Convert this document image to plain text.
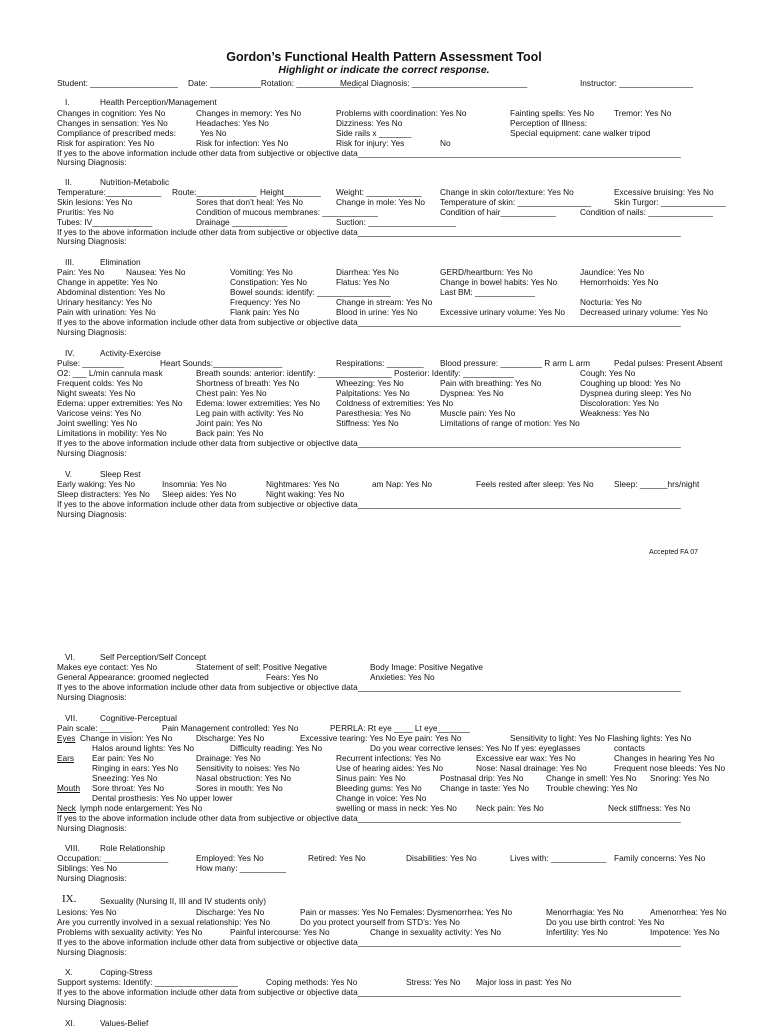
Gordon’s Functional Health Pattern Assessment Tool
Highlight or indicate the correct response.
Accepted FA 07
Student: ___________________ Date: ___________Rotation: ______________
Medical Diagnosis: _________________________	Instructor: ________________
I.	Health Perception/Management
Changes in cognition: Yes No	Changes in memory: Yes No	Problems with coordination: Yes No	Fainting spells: Yes No Tremor: Yes No
Changes in sensation: Yes No	Headaches: Yes No	Dizziness: Yes No	Perception of Illness:
Compliance of prescribed meds:	Yes No	Side rails x _______	Special equipment: cane walker tripod
Risk for aspiration: Yes No	Risk for infection: Yes No	Risk for injury: Yes	No
If yes to the above information include other data from subjective or objective data______________________________________________________________________
Nursing Diagnosis:
II.	Nutrition-Metabolic
Temperature:____________ Route:_____________ Height________ Weight: ____________ Change in skin color/texture: Yes No	Excessive bruising: Yes No
Skin lesions: Yes No	Sores that don’t heal: Yes No	Change in mole: Yes No Temperature of skin: ________________	Skin Turgor: ______________
Pruritis: Yes No	Condition of mucous membranes: ____________	Condition of hair____________	Condition of nails: ______________
Tubes: IV_____________	Drainage ____________	Suction: ___________________
If yes to the above information include other data from subjective or objective data______________________________________________________________________
Nursing Diagnosis:
III.	Elimination
Pain: Yes No	Nausea: Yes No	Vomiting: Yes No	Diarrhea: Yes No	GERD/heartburn: Yes No	Jaundice: Yes No
Change in appetite: Yes No	Constipation: Yes No	Flatus: Yes No	Change in bowel habits: Yes No	Hemorrhoids: Yes No
Abdominal distention: Yes No	Bowel sounds: identify: ________________	Last BM: _____________
Urinary hesitancy: Yes No	Frequency: Yes No	Change in stream: Yes No	Nocturia: Yes No
Pain with urination: Yes No	Flank pain: Yes No	Blood in urine: Yes No	Excessive urinary volume: Yes No Decreased urinary volume: Yes No
If yes to the above information include other data from subjective or objective data______________________________________________________________________
Nursing Diagnosis:
IV.	Activity-Exercise
Pulse: _________	Heart Sounds:_______________	Respirations: ________ Blood pressure: _________ R arm L arm	Pedal pulses: Present Absent
O2: ___ L/min cannula mask	Breath sounds: anterior: identify: ________________ Posterior: Identify: ___________	Cough: Yes No
Frequent colds: Yes No	Shortness of breath: Yes No	Wheezing: Yes No	Pain with breathing: Yes No	Coughing up blood: Yes No
Night sweats: Yes No	Chest pain: Yes No	Palpitations: Yes No	Dyspnea: Yes No	Dyspnea during sleep: Yes No
Edema: upper extremities: Yes No Edema: lower extremities: Yes No Coldness of extremities: Yes No	Discoloration: Yes No
Varicose veins: Yes No	Leg pain with activity: Yes No	Paresthesia: Yes No	Muscle pain: Yes No	Weakness: Yes No
Joint swelling: Yes No	Joint pain: Yes No	Stiffness: Yes No	Limitations of range of motion: Yes No
Limitations in mobility: Yes No	Back pain: Yes No
If yes to the above information include other data from subjective or objective data______________________________________________________________________
Nursing Diagnosis:
V.	Sleep Rest
Early waking: Yes No	Insomnia: Yes No	Nightmares: Yes No	am Nap: Yes No	Feels rested after sleep: Yes No Sleep: ______hrs/night
Sleep distracters: Yes No Sleep aides: Yes No	Night waking: Yes No
If yes to the above information include other data from subjective or objective data______________________________________________________________________
Nursing Diagnosis:
VI.	Self Perception/Self Concept
Makes eye contact: Yes No	Statement of self: Positive Negative	Body Image: Positive Negative
General Appearance: groomed neglected	Fears: Yes No	Anxieties: Yes No
If yes to the above information include other data from subjective or objective data______________________________________________________________________
Nursing Diagnosis:
VII.	Cognitive-Perceptual
Pain scale: _______	Pain Management controlled: Yes No	PERRLA: Rt eye ____ Lt eye_______
Eyes Change in vision: Yes No	Discharge: Yes No	Excessive tearing: Yes No Eye pain: Yes No	Sensitivity to light: Yes No Flashing lights: Yes No
Halos around lights: Yes No	Difficulty reading: Yes No	Do you wear corrective lenses: Yes No If yes: eyeglasses	contacts
Ears Ear pain: Yes No	Drainage: Yes No	Recurrent infections: Yes No	Excessive ear wax: Yes No	Changes in hearing Yes No
Ringing in ears: Yes No Sensitivity to noises: Yes No	Use of hearing aides: Yes No	Nose: Nasal drainage: Yes No	Frequent nose bleeds: Yes No
Sneezing: Yes No	Nasal obstruction: Yes No	Sinus pain: Yes No	Postnasal drip: Yes No	Change in smell: Yes No Snoring: Yes No
Mouth Sore throat: Yes No	Sores in mouth: Yes No	Bleeding gums: Yes No Change in taste: Yes No Trouble chewing: Yes No
Dental prosthesis: Yes No upper lower	Change in voice: Yes No
Neck lymph node enlargement: Yes No	swelling or mass in neck: Yes No Neck pain: Yes No	Neck stiffness: Yes No
If yes to the above information include other data from subjective or objective data______________________________________________________________________
Nursing Diagnosis:
VIII. Role Relationship
Occupation: ______________	Employed: Yes No	Retired: Yes No	Disabilities: Yes No	Lives with: ____________ Family concerns: Yes No
Siblings: Yes No	How many: __________
Nursing Diagnosis:
IX.	Sexuality (Nursing II, III and IV students only)
Lesions: Yes No	Discharge: Yes No	Pain or masses: Yes No Females: Dysmenorrhea: Yes No	Menorrhagia: Yes No	Amenorrhea: Yes No
Are you currently involved in a sexual relationship: Yes No	Do you protect yourself from STD’s: Yes No	Do you use birth control: Yes No
Problems with sexuality activity: Yes No	Painful intercourse: Yes No	Change in sexuality activity: Yes No	Infertility: Yes No	Impotence: Yes No
If yes to the above information include other data from subjective or objective data______________________________________________________________________
Nursing Diagnosis:
X.	Coping-Stress
Support systems: Identify: __________________	Coping methods: Yes No	Stress: Yes No Major loss in past: Yes No
If yes to the above information include other data from subjective or objective data______________________________________________________________________
Nursing Diagnosis:
XI.	Values-Belief
